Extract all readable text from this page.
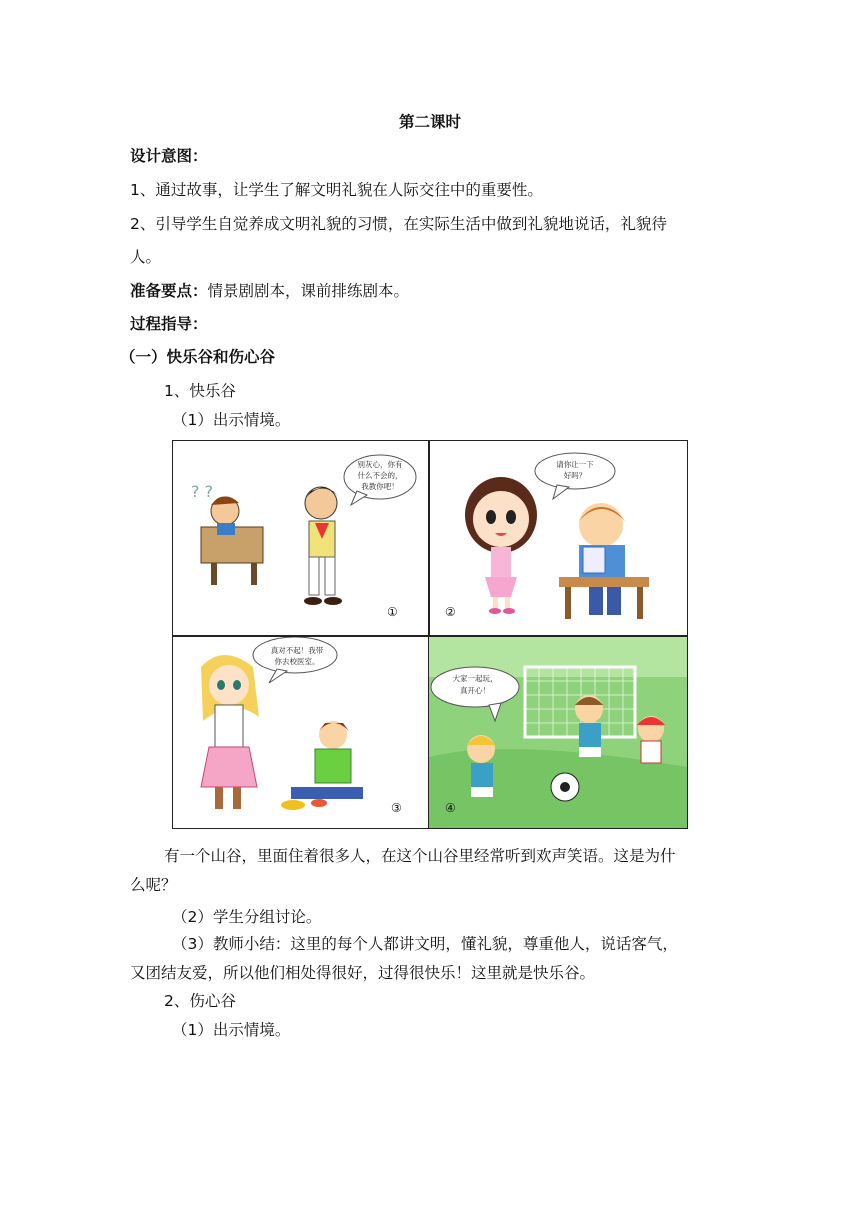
第二课时
设计意图：
1、通过故事，让学生了解文明礼貌在人际交往中的重要性。
2、引导学生自觉养成文明礼貌的习惯，在实际生活中做到礼貌地说话，礼貌待
人。
准备要点：情景剧剧本，课前排练剧本。
过程指导：
（一）快乐谷和伤心谷
1、快乐谷
（1）出示情境。
? ?
别灰心，你有
什么不会的，
我教你吧！
①
请你让一下
好吗？
②
真对不起！我带
你去校医室。
③
大家一起玩，
真开心！
④
有一个山谷，里面住着很多人，在这个山谷里经常听到欢声笑语。这是为什
么呢？
（2）学生分组讨论。
（3）教师小结：这里的每个人都讲文明，懂礼貌，尊重他人，说话客气，
又团结友爱，所以他们相处得很好，过得很快乐！这里就是快乐谷。
2、伤心谷
（1）出示情境。
